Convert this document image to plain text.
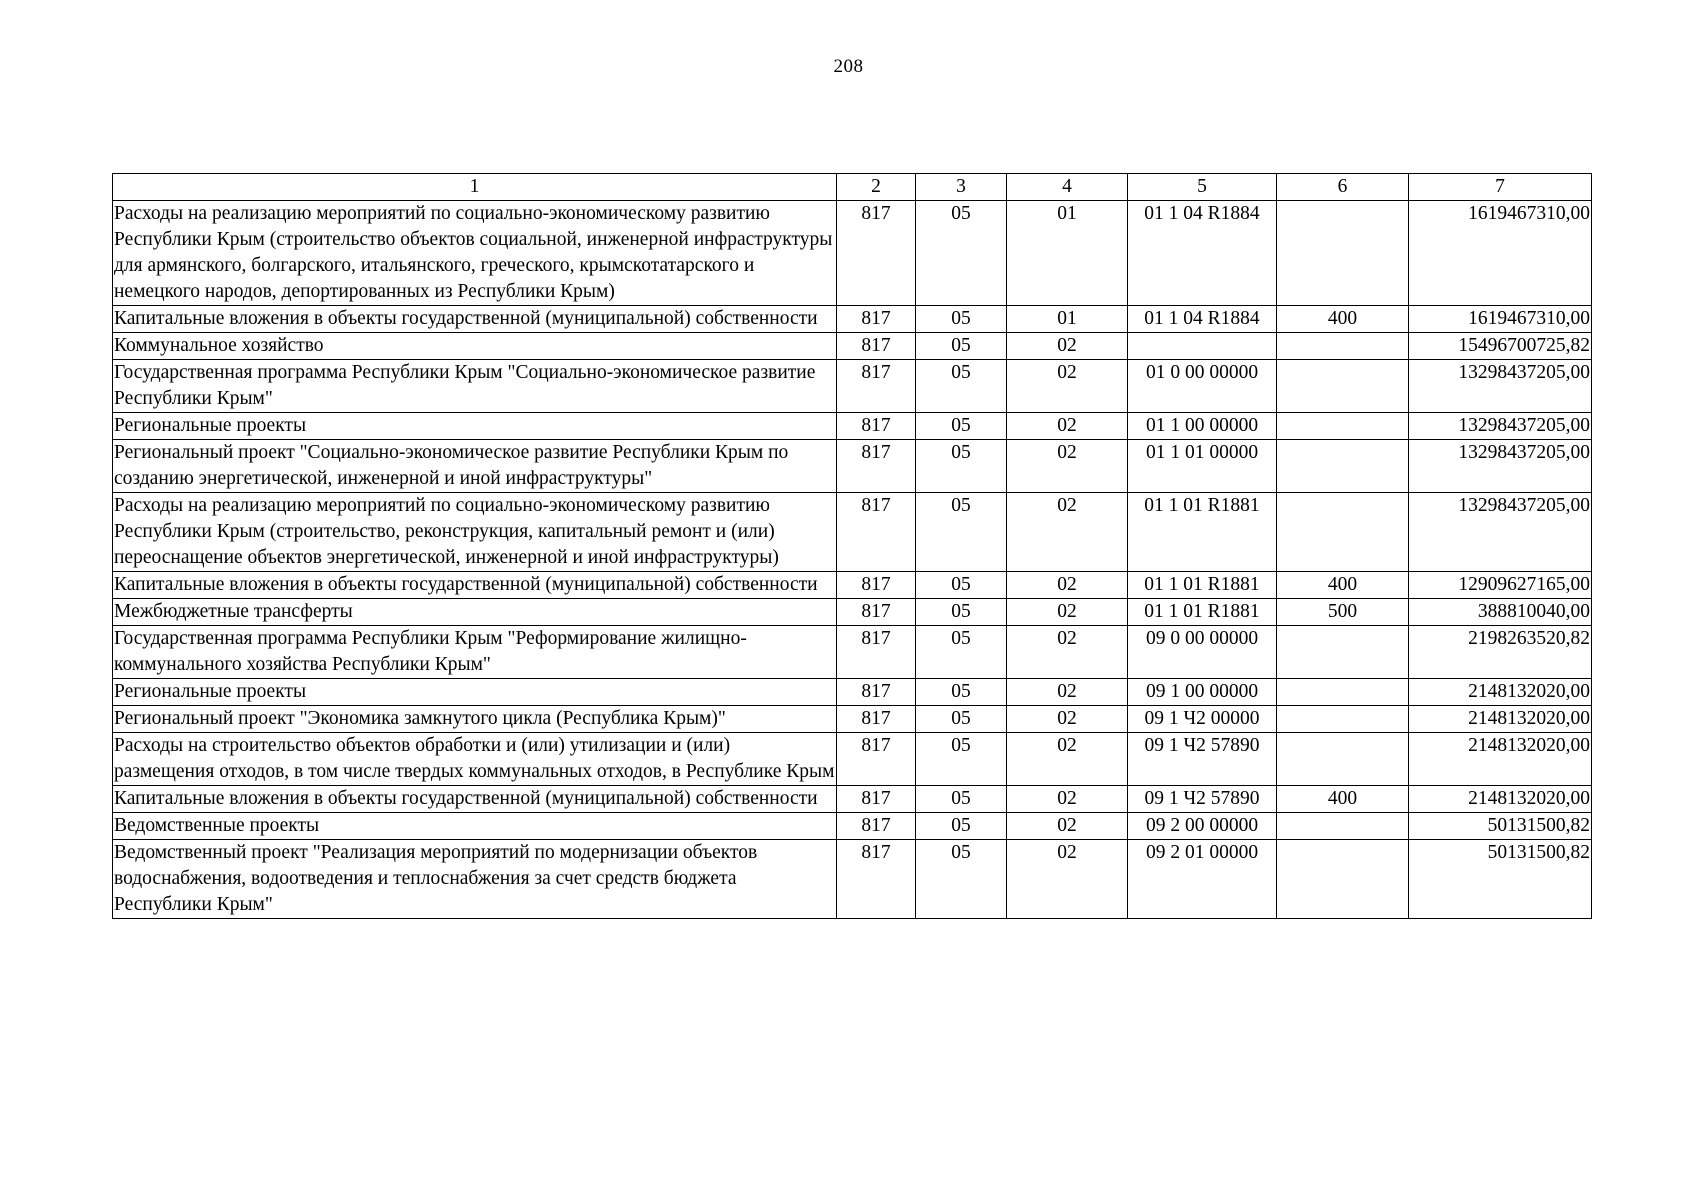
208
1	2	3	4	5	6	7
Расходы на реализацию мероприятий по социально-экономическому развитию Республики Крым (строительство объектов социальной, инженерной инфраструктуры для армянского, болгарского, итальянского, греческого, крымскотатарского и немецкого народов, депортированных из Республики Крым)	817	05	01	01 1 04 R1884		1619467310,00
Капитальные вложения в объекты государственной (муниципальной) собственности	817	05	01	01 1 04 R1884	400	1619467310,00
Коммунальное хозяйство	817	05	02			15496700725,82
Государственная программа Республики Крым "Социально-экономическое развитие Республики Крым"	817	05	02	01 0 00 00000		13298437205,00
Региональные проекты	817	05	02	01 1 00 00000		13298437205,00
Региональный проект "Социально-экономическое развитие Республики Крым по созданию энергетической, инженерной и иной инфраструктуры"	817	05	02	01 1 01 00000		13298437205,00
Расходы на реализацию мероприятий по социально-экономическому развитию Республики Крым (строительство, реконструкция, капитальный ремонт и (или) переоснащение объектов энергетической, инженерной и иной инфраструктуры)	817	05	02	01 1 01 R1881		13298437205,00
Капитальные вложения в объекты государственной (муниципальной) собственности	817	05	02	01 1 01 R1881	400	12909627165,00
Межбюджетные трансферты	817	05	02	01 1 01 R1881	500	388810040,00
Государственная программа Республики Крым "Реформирование жилищно-коммунального хозяйства Республики Крым"	817	05	02	09 0 00 00000		2198263520,82
Региональные проекты	817	05	02	09 1 00 00000		2148132020,00
Региональный проект "Экономика замкнутого цикла (Республика Крым)"	817	05	02	09 1 Ч2 00000		2148132020,00
Расходы на строительство объектов обработки и (или) утилизации и (или) размещения отходов, в том числе твердых коммунальных отходов, в Республике Крым	817	05	02	09 1 Ч2 57890		2148132020,00
Капитальные вложения в объекты государственной (муниципальной) собственности	817	05	02	09 1 Ч2 57890	400	2148132020,00
Ведомственные проекты	817	05	02	09 2 00 00000		50131500,82
Ведомственный проект "Реализация мероприятий по модернизации объектов водоснабжения, водоотведения и теплоснабжения за счет средств бюджета Республики Крым"	817	05	02	09 2 01 00000		50131500,82
